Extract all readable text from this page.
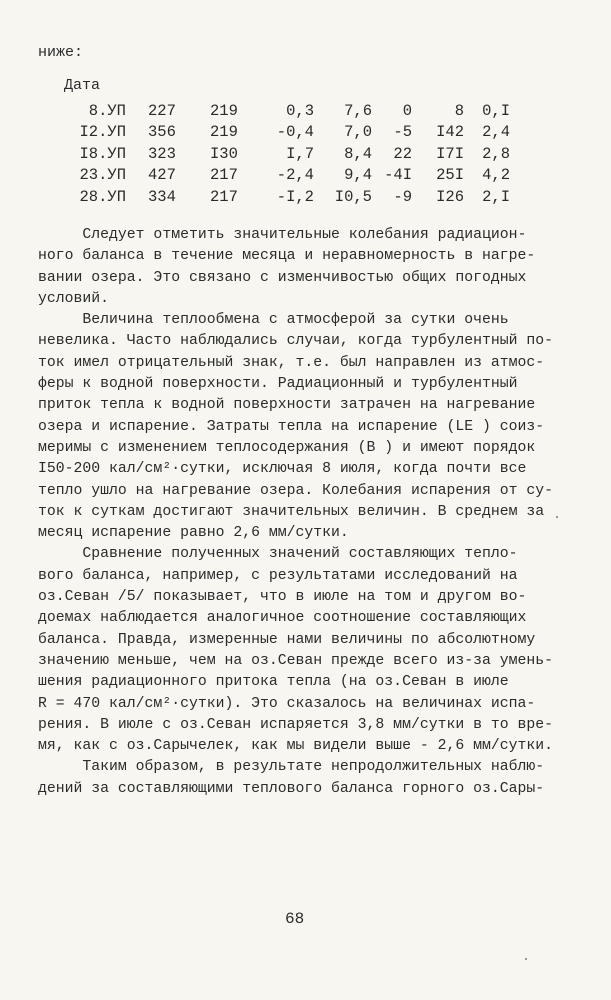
ниже:
Дата
8.УП	227	219	0,3	7,6	0	8	0,I
I2.УП	356	219	-0,4	7,0	-5	I42	2,4
I8.УП	323	I30	I,7	8,4	22	I7I	2,8
23.УП	427	217	-2,4	9,4	-4I	25I	4,2
28.УП	334	217	-I,2	I0,5	-9	I26	2,I

Следует отметить значительные колебания радиацион-
ного баланса в течение месяца и неравномерность в нагре-
вании озера. Это связано с изменчивостью общих погодных
условий.

Величина теплообмена с атмосферой за сутки очень
невелика. Часто наблюдались случаи, когда турбулентный по-
ток имел отрицательный знак, т.е. был направлен из атмос-
феры к водной поверхности. Радиационный и турбулентный
приток тепла к водной поверхности затрачен на нагревание
озера и испарение. Затраты тепла на испарение (LE ) соиз-
меримы с изменением теплосодержания (B ) и имеют порядок
I50-200 кал/см²·сутки, исключая 8 июля, когда почти все
тепло ушло на нагревание озера. Колебания испарения от су-
ток к суткам достигают значительных величин. В среднем за
месяц испарение равно 2,6 мм/сутки.

Сравнение полученных значений составляющих тепло-
вого баланса, например, с результатами исследований на
оз.Севан /5/ показывает, что в июле на том и другом во-
доемах наблюдается аналогичное соотношение составляющих
баланса. Правда, измеренные нами величины по абсолютному
значению меньше, чем на оз.Севан прежде всего из-за умень-
шения радиационного притока тепла (на оз.Севан в июле
R = 470 кал/см²·сутки). Это сказалось на величинах испа-
рения. В июле с оз.Севан испаряется 3,8 мм/сутки в то вре-
мя, как с оз.Сарычелек, как мы видели выше - 2,6 мм/сутки.

Таким образом, в результате непродолжительных наблю-
дений за составляющими теплового баланса горного оз.Сары-

68
